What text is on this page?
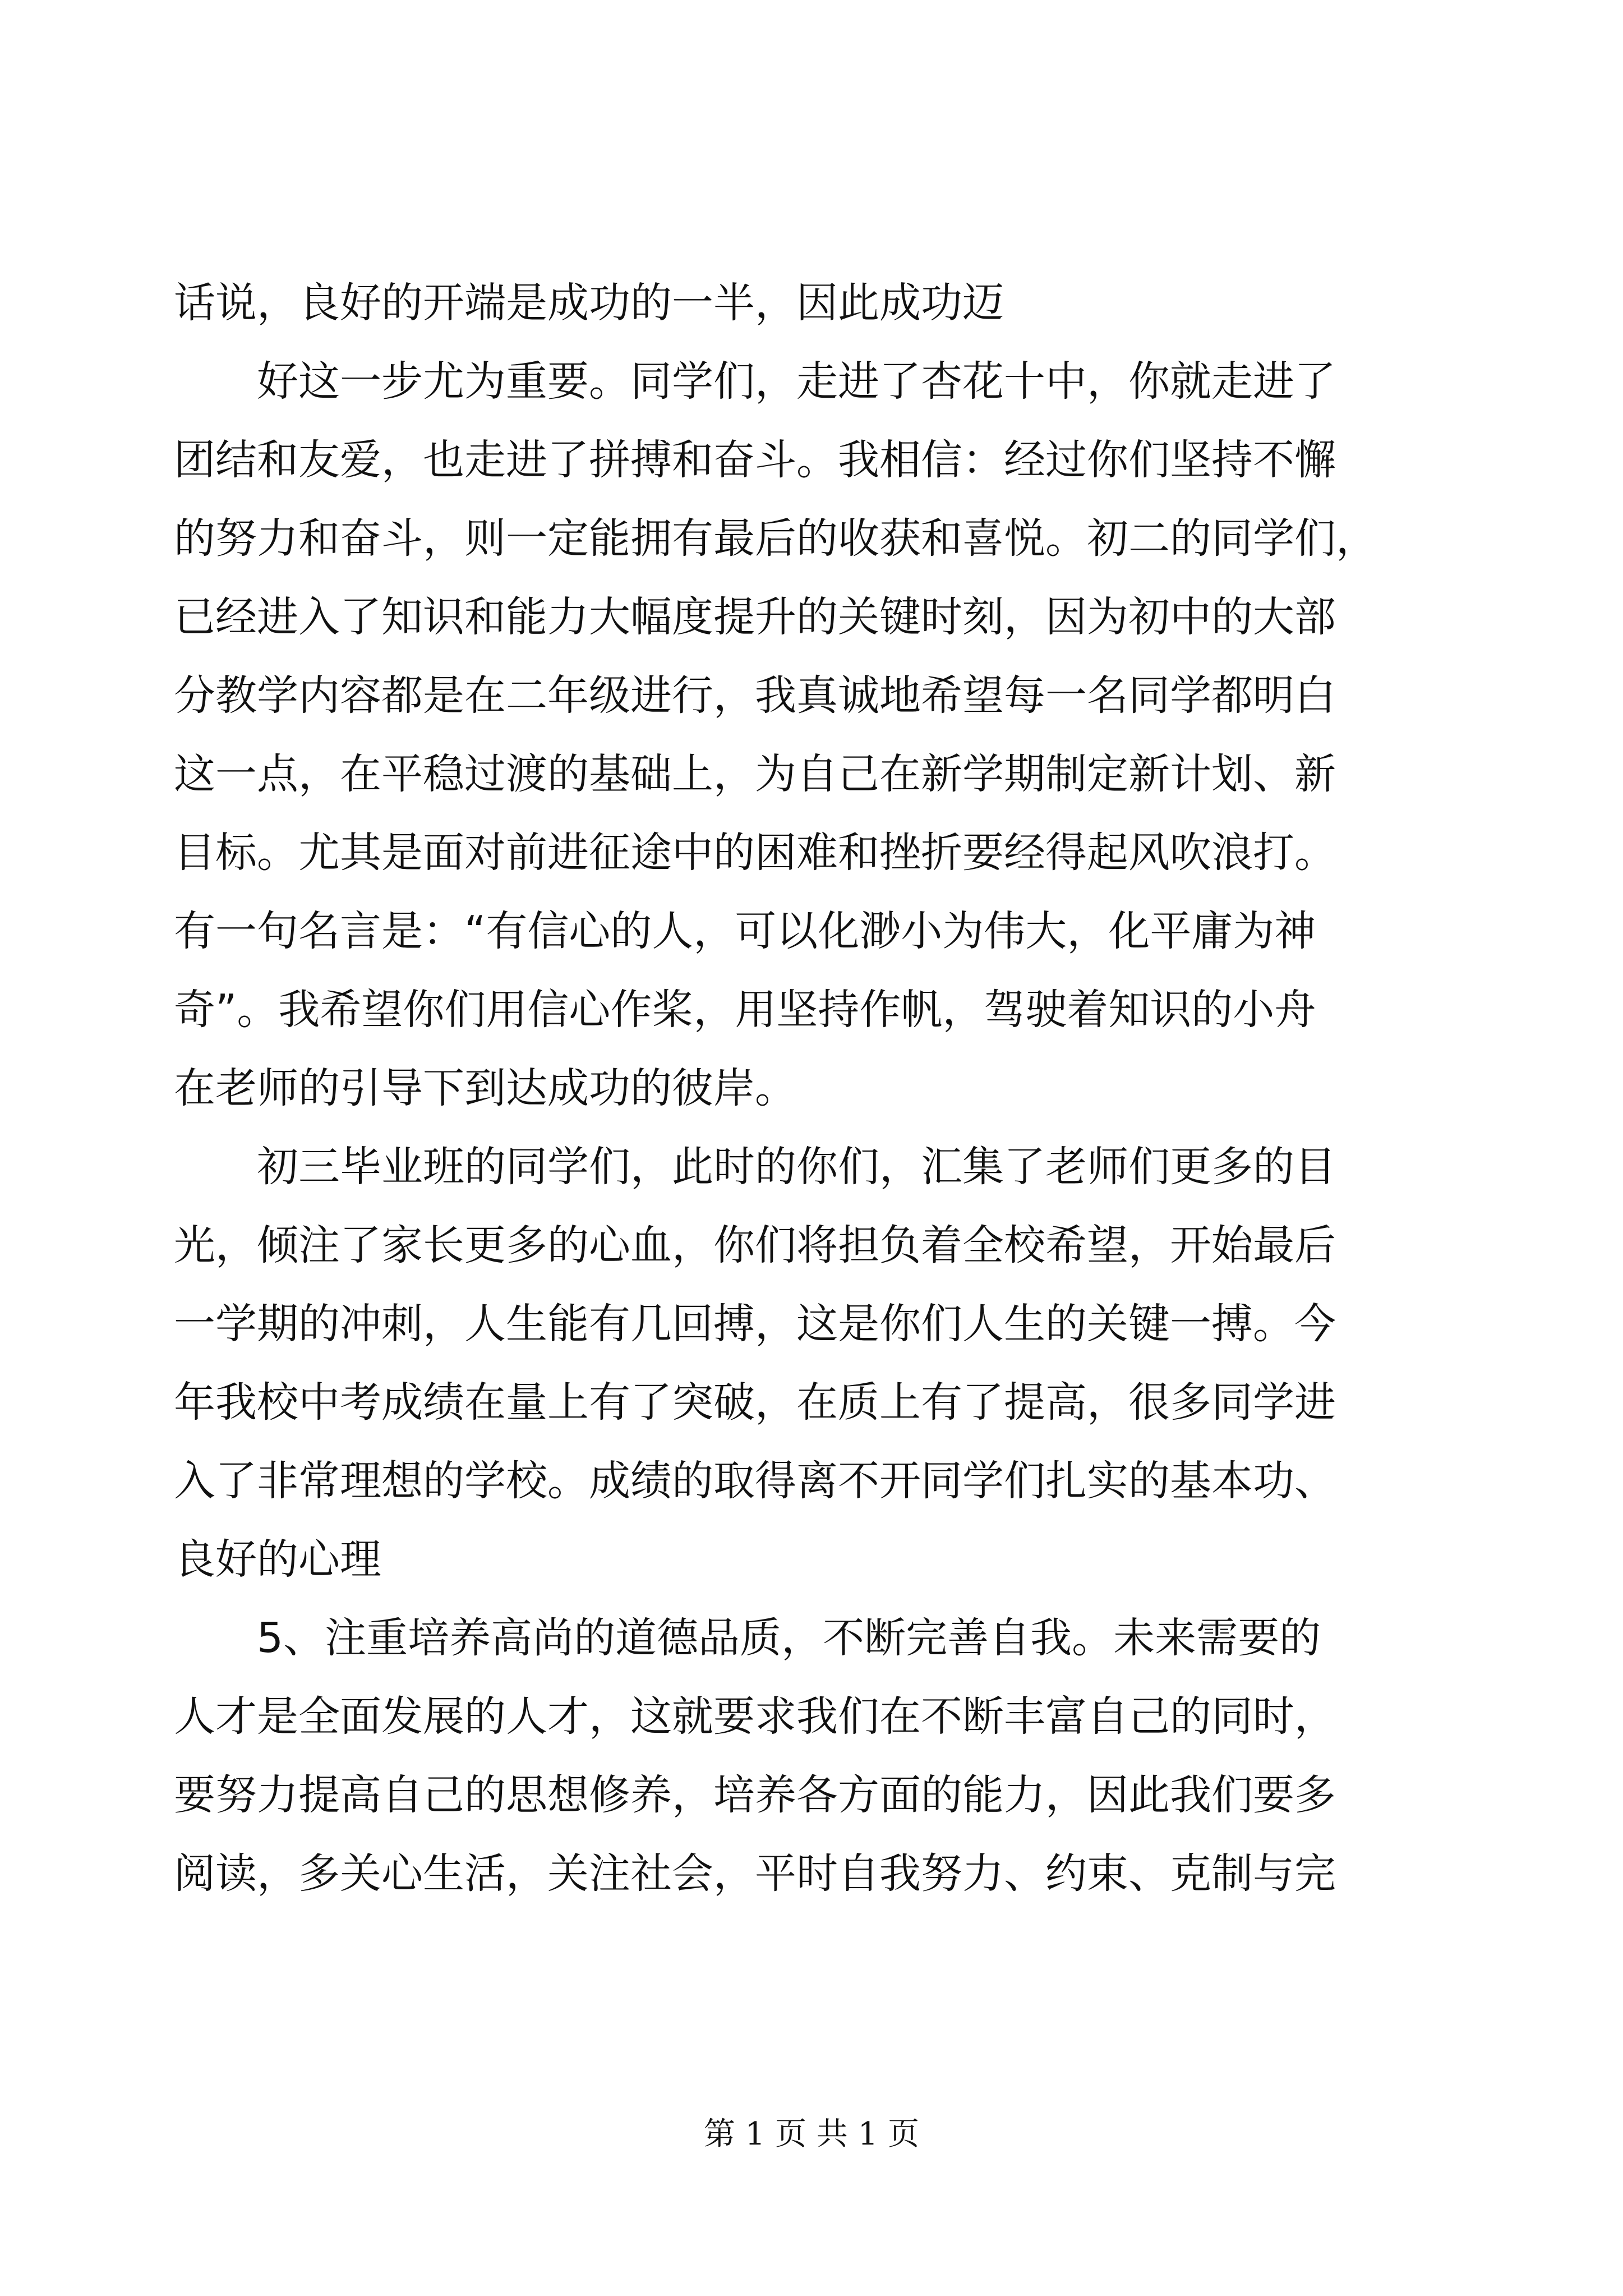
话说，良好的开端是成功的一半，因此成功迈
好这一步尤为重要。同学们，走进了杏花十中，你就走进了
团结和友爱，也走进了拼搏和奋斗。我相信：经过你们坚持不懈
的努力和奋斗，则一定能拥有最后的收获和喜悦。初二的同学们，
已经进入了知识和能力大幅度提升的关键时刻，因为初中的大部
分教学内容都是在二年级进行，我真诚地希望每一名同学都明白
这一点，在平稳过渡的基础上，为自己在新学期制定新计划、新
目标。尤其是面对前进征途中的困难和挫折要经得起风吹浪打。
有一句名言是：“有信心的人，可以化渺小为伟大，化平庸为神
奇”。我希望你们用信心作桨，用坚持作帆，驾驶着知识的小舟
在老师的引导下到达成功的彼岸。
初三毕业班的同学们，此时的你们，汇集了老师们更多的目
光，倾注了家长更多的心血，你们将担负着全校希望，开始最后
一学期的冲刺，人生能有几回搏，这是你们人生的关键一搏。今
年我校中考成绩在量上有了突破，在质上有了提高，很多同学进
入了非常理想的学校。成绩的取得离不开同学们扎实的基本功、
良好的心理
5、注重培养高尚的道德品质，不断完善自我。未来需要的
人才是全面发展的人才，这就要求我们在不断丰富自己的同时，
要努力提高自己的思想修养，培养各方面的能力，因此我们要多
阅读，多关心生活，关注社会，平时自我努力、约束、克制与完
第 1 页 共 1 页
